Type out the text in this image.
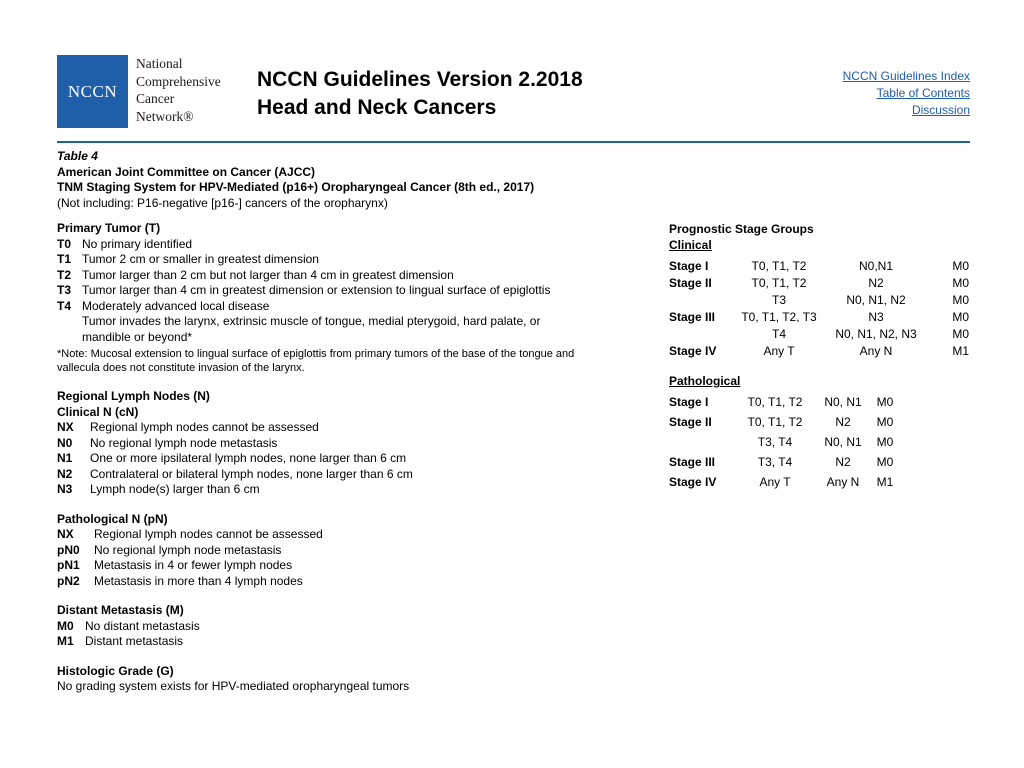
NCCN
National
Comprehensive
Cancer
Network®
NCCN Guidelines Version 2.2018
Head and Neck Cancers
NCCN Guidelines Index
Table of Contents
Discussion
Table 4
American Joint Committee on Cancer (AJCC)
TNM Staging System for HPV-Mediated (p16+) Oropharyngeal Cancer (8th ed., 2017)
(Not including: P16-negative [p16-] cancers of the oropharynx)
Primary Tumor (T)
T0 No primary identified
T1 Tumor 2 cm or smaller in greatest dimension
T2 Tumor larger than 2 cm but not larger than 4 cm in greatest dimension
T3 Tumor larger than 4 cm in greatest dimension or extension to lingual surface of epiglottis
T4 Moderately advanced local disease
Tumor invades the larynx, extrinsic muscle of tongue, medial pterygoid, hard palate, or
mandible or beyond*
*Note: Mucosal extension to lingual surface of epiglottis from primary tumors of the base of the tongue and
vallecula does not constitute invasion of the larynx.
Regional Lymph Nodes (N)
Clinical N (cN)
NX	Regional lymph nodes cannot be assessed
N0	No regional lymph node metastasis
N1	One or more ipsilateral lymph nodes, none larger than 6 cm
N2	Contralateral or bilateral lymph nodes, none larger than 6 cm
N3	Lymph node(s) larger than 6 cm
Pathological N (pN)
NX	Regional lymph nodes cannot be assessed
pN0	No regional lymph node metastasis
pN1	Metastasis in 4 or fewer lymph nodes
pN2	Metastasis in more than 4 lymph nodes
Distant Metastasis (M)
M0 No distant metastasis
M1 Distant metastasis
Histologic Grade (G)
No grading system exists for HPV-mediated oropharyngeal tumors
Prognostic Stage Groups
Clinical
Stage I	T0, T1, T2	N0,N1	M0
Stage II	T0, T1, T2	N2	M0
	T3	N0, N1, N2	M0
Stage III	T0, T1, T2, T3	N3	M0
	T4	N0, N1, N2, N3	M0
Stage IV	Any T	Any N	M1
Pathological
Stage I	T0, T1, T2	N0, N1	M0
Stage II	T0, T1, T2	N2	M0
	T3, T4	N0, N1	M0
Stage III	T3, T4	N2	M0
Stage IV	Any T	Any N	M1
